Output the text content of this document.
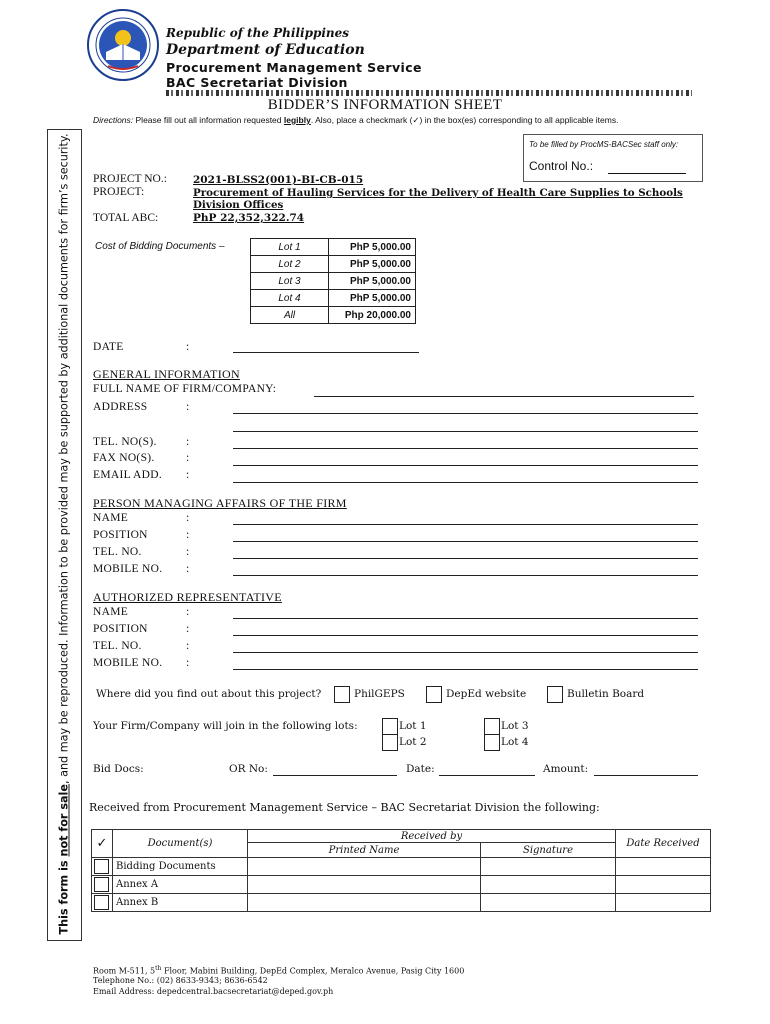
Republic of the Philippines
Department of Education
Procurement Management Service
BAC Secretariat Division
BIDDER’S INFORMATION SHEET
Directions: Please fill out all information requested legibly. Also, place a checkmark (✓) in the box(es) corresponding to all applicable items.
This form is not for sale, and may be reproduced. Information to be provided may be supported by additional documents for firm’s security.	To be filled by ProcMS-BACSec staff only:
Control No.:
PROJECT NO.: 2021-BLSS2(001)-BI-CB-015
PROJECT:	Procurement of Hauling Services for the Delivery of Health Care Supplies to Schools
Division Offices
TOTAL ABC:	PhP 22,352,322.74
Cost of Bidding Documents –	Lot 1	PhP 5,000.00
Lot 2	PhP 5,000.00
Lot 3	PhP 5,000.00
Lot 4	PhP 5,000.00
All	Php 20,000.00
DATE	:
GENERAL INFORMATION
FULL NAME OF FIRM/COMPANY:
ADDRESS	:
TEL. NO(S).	:
FAX NO(S).	:
EMAIL ADD. :
PERSON MANAGING AFFAIRS OF THE FIRM
NAME	:
POSITION	:
TEL. NO.	:
MOBILE NO. :
AUTHORIZED REPRESENTATIVE
NAME	:
POSITION	:
TEL. NO.	:
MOBILE NO. :
Where did you find out about this project?	PhilGEPS	DepEd website	Bulletin Board
Your Firm/Company will join in the following lots:	Lot 1
Lot 2
Lot 3
Lot 4
Bid Docs:	OR No:	Date:	Amount:
Received from Procurement Management Service – BAC Secretariat Division the following:
✓	Document(s)	Received by		Date Received
		Printed Name	Signature	

	Bidding Documents			

	Annex A			

	Annex B			
Room M-511, 5th Floor, Mabini Building, DepEd Complex, Meralco Avenue, Pasig City 1600
Telephone No.: (02) 8633-9343; 8636-6542
Email Address: depedcentral.bacsecretariat@deped.gov.ph
